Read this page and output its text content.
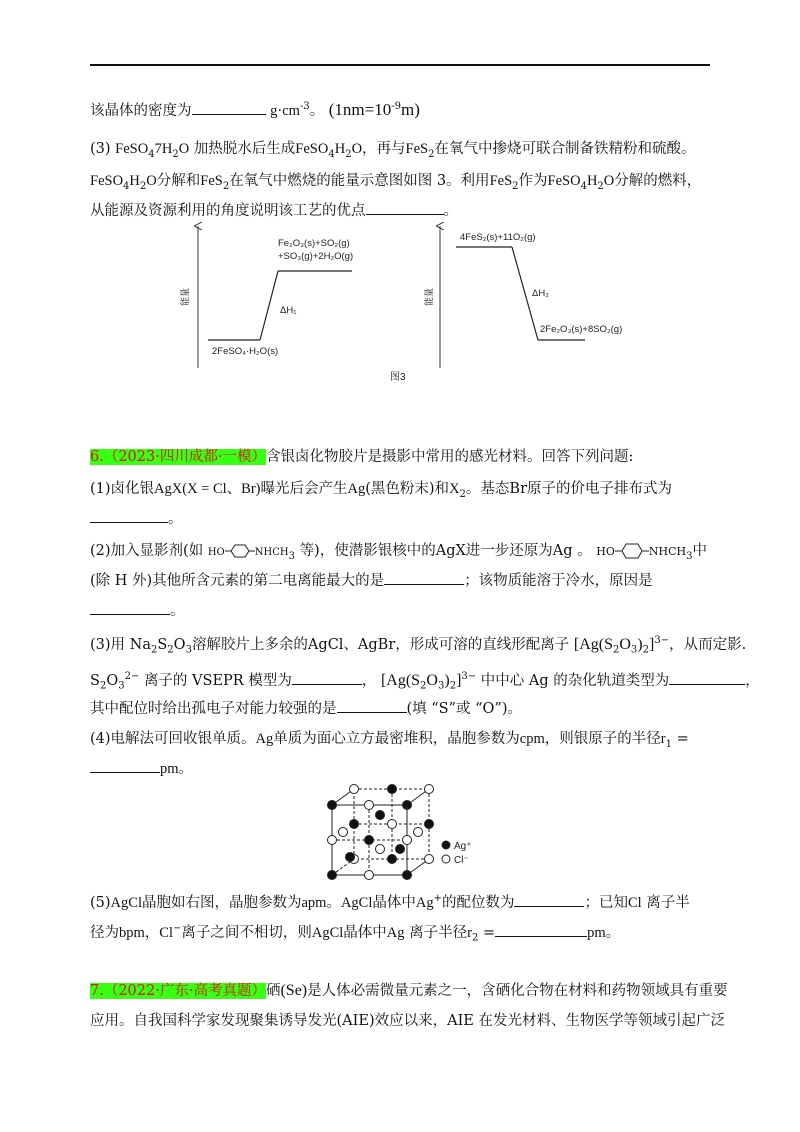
该晶体的密度为	$g\cdot cm^{-3}$。 $(1nm=10^{-9}m)$
(3) $FeSO_47H_2O$ 加热脱水后生成$FeSO_4H_2O$，再与FeS$_2$在氧气中掺烧可联合制备铁精粉和硫酸。
$FeSO_4H_2O$分解和FeS$_2$在氧气中燃烧的能量示意图如图 3。利用FeS$_2$作为$FeSO_4H_2O$分解的燃料，
从能源及资源利用的角度说明该工艺的优点	。
能量
Fe₂O₃(s)+SO₂(g)
+SO₃(g)+2H₂O(g)
ΔH₁
2FeSO₄·H₂O(s)
能量
4FeS₂(s)+11O₂(g)
ΔH₂
2Fe₂O₃(s)+8SO₂(g)
图3
6.（2023·四川成都·一模）含银卤化物胶片是摄影中常用的感光材料。回答下列问题:
(1)卤化银AgX(X = Cl、Br)曝光后会产生Ag(黑色粉末)和$X_2$。基态Br原子的价电子排布式为
。
(2)加入显影剂(如 HO	$NHCH_3$ 等)，使潜影银核中的AgX进一步还原为Ag 。 HO	$NHCH_3$中
(除 H 外)其他所含元素的第二电离能最大的是	；该物质能溶于冷水，原因是
。
(3)用 $Na_2S_2O_3$溶解胶片上多余的AgCl、AgBr，形成可溶的直线形配离子 $[Ag(S_2O_3)_2]^{3-}$，从而定影.
$S_2O_3^{2-}$ 离子的 VSEPR 模型为	， $[Ag(S_2O_3)_2]^{3-}$ 中中心 Ag 的杂化轨道类型为	，
其中配位时给出孤电子对能力较强的是	(填 “S”或 “O”)。
(4)电解法可回收银单质。Ag单质为面心立方最密堆积，晶胞参数为cpm，则银原子的半径$r_1$ =
pm。
Ag⁺
Cl⁻
(5)AgCl晶胞如右图，晶胞参数为apm。AgCl晶体中Ag+的配位数为	；已知Cl 离子半
径为bpm，Cl−离子之间不相切，则AgCl晶体中Ag 离子半径$r_2$ =	pm。
7.（2022·广东·高考真题）硒(Se)是人体必需微量元素之一，含硒化合物在材料和药物领域具有重要
应用。自我国科学家发现聚集诱导发光(AIE)效应以来，AIE 在发光材料、生物医学等领域引起广泛
